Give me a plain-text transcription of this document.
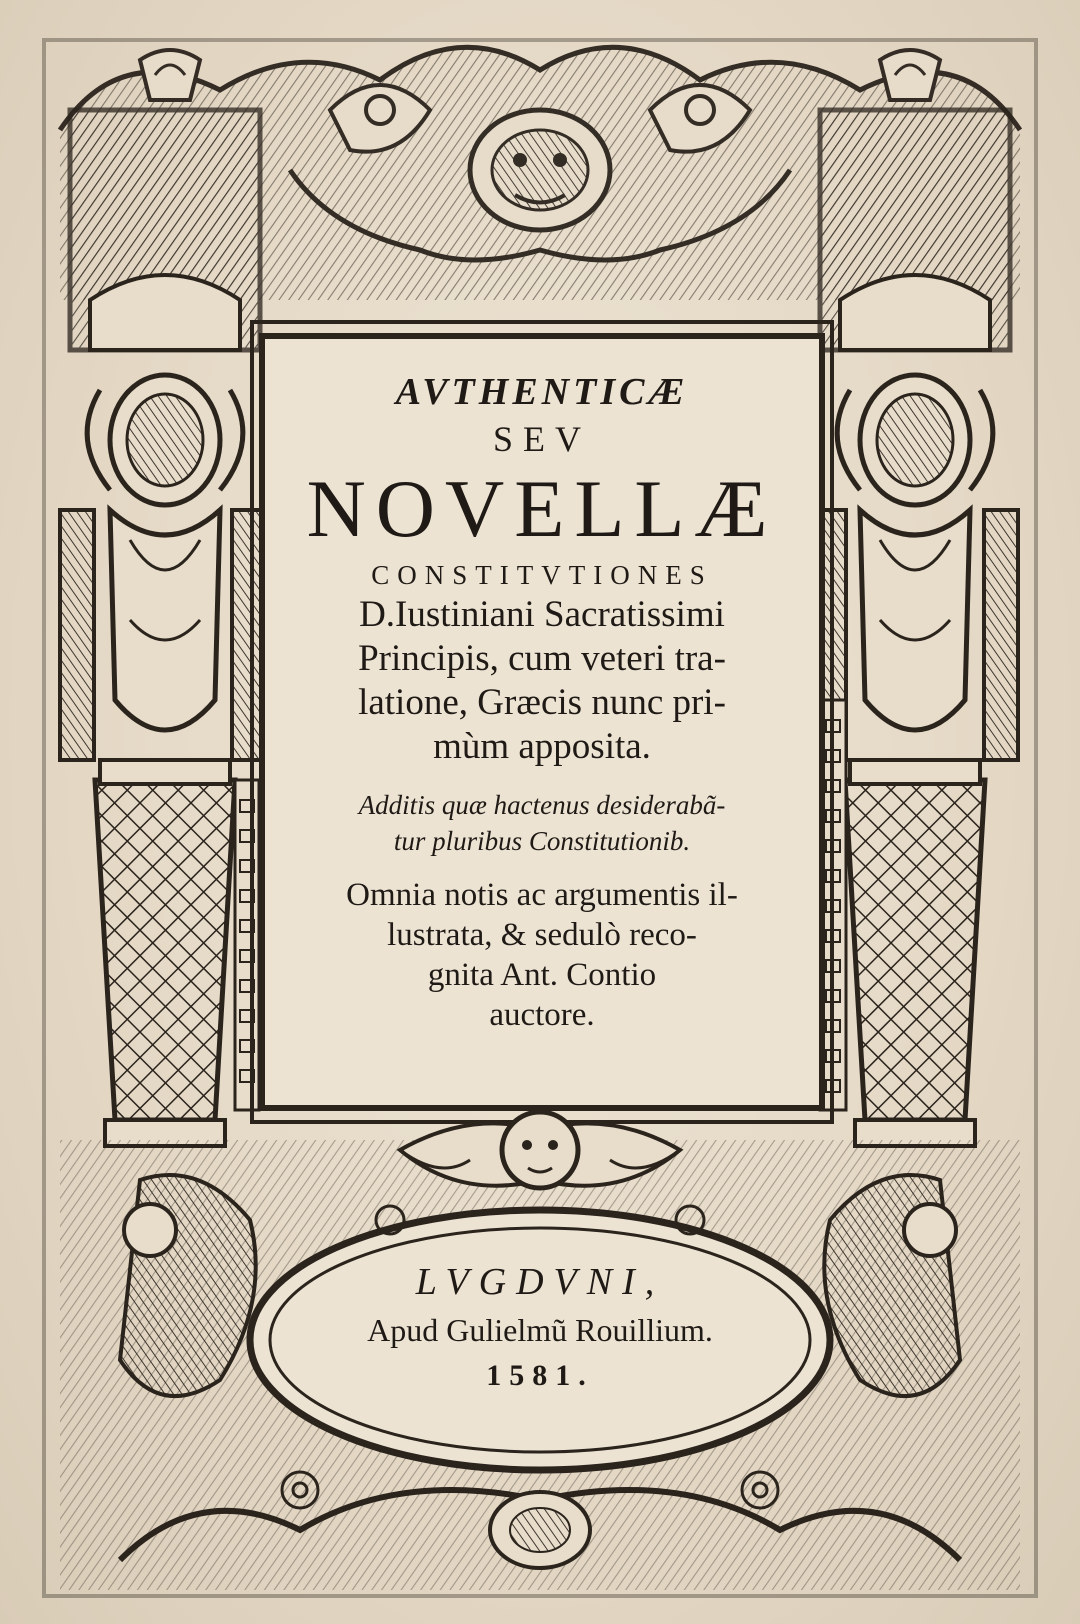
AVTHENTICÆ
SEV
NOVELLÆ
CONSTITVTIONES
D.Iustiniani Sacratissimi
Principis, cum veteri tra-
latione, Græcis nunc pri-
mùm apposita.
Additis quæ hactenus desiderabã-
tur pluribus Constitutionib.
Omnia notis ac argumentis il-
lustrata, & sedulò reco-
gnita Ant. Contio
auctore.
LVGDVNI,
Apud Gulielmũ Rouillium.
1581.
